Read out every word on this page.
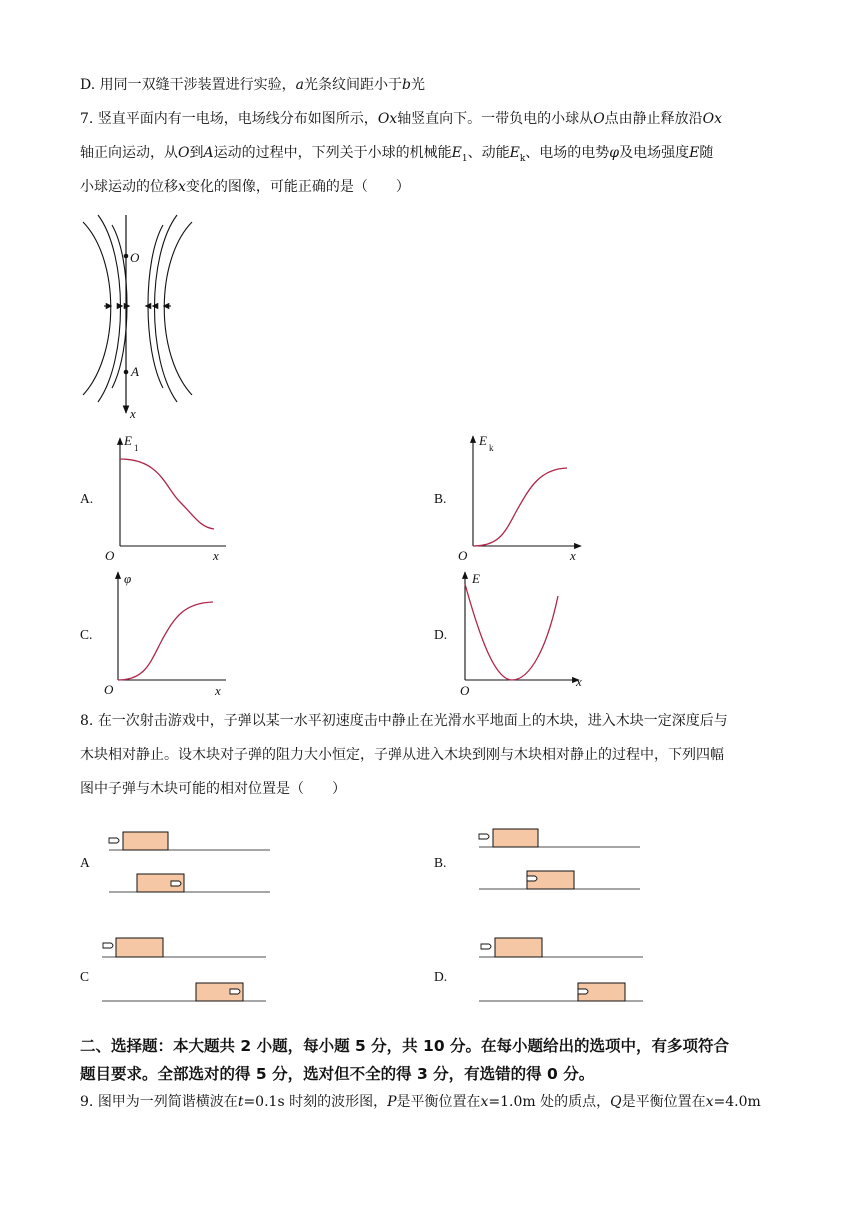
D. 用同一双缝干涉装置进行实验，a光条纹间距小于b光
7. 竖直平面内有一电场，电场线分布如图所示，Ox轴竖直向下。一带负电的小球从O点由静止释放沿Ox
轴正向运动，从O到A运动的过程中，下列关于小球的机械能$E_1$、动能$E_k$、电场的电势φ及电场强度E随
小球运动的位移x变化的图像，可能正确的是（　　）
O
A
x
A.
E 1
O	x
B.
E k
O	x
C.
φ
O	x
D.
E
O
x
8. 在一次射击游戏中，子弹以某一水平初速度击中静止在光滑水平地面上的木块，进入木块一定深度后与
木块相对静止。设木块对子弹的阻力大小恒定，子弹从进入木块到刚与木块相对静止的过程中，下列四幅
图中子弹与木块可能的相对位置是（　　）
A	B.
C	D.
二、选择题：本大题共 2 小题，每小题 5 分，共 10 分。在每小题给出的选项中，有多项符合
题目要求。全部选对的得 5 分，选对但不全的得 3 分，有选错的得 0 分。
9. 图甲为一列简谐横波在t=0.1s 时刻的波形图，P是平衡位置在x=1.0m 处的质点，Q是平衡位置在x=4.0m
